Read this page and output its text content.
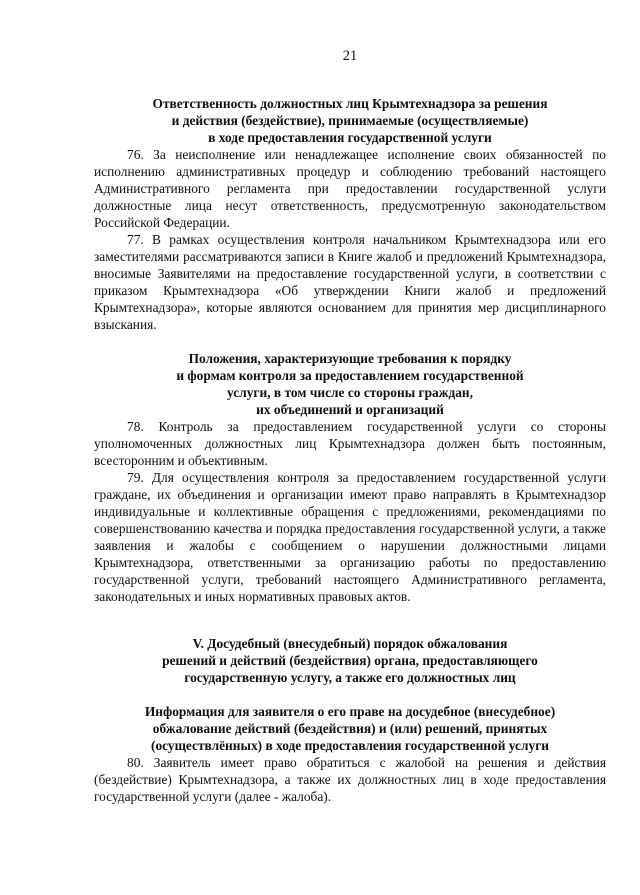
21
Ответственность должностных лиц Крымтехнадзора за решения
и действия (бездействие), принимаемые (осуществляемые)
в ходе предоставления государственной услуги

76. За неисполнение или ненадлежащее исполнение своих обязанностей по исполнению административных процедур и соблюдению требований настоящего Административного регламента при предоставлении государственной услуги должностные лица несут ответственность, предусмотренную законодательством Российской Федерации.

77. В рамках осуществления контроля начальником Крымтехнадзора или его заместителями рассматриваются записи в Книге жалоб и предложений Крымтехнадзора, вносимые Заявителями на предоставление государственной услуги, в соответствии с приказом Крымтехнадзора «Об утверждении Книги жалоб и предложений Крымтехнадзора», которые являются основанием для принятия мер дисциплинарного взыскания.

Положения, характеризующие требования к порядку
и формам контроля за предоставлением государственной
услуги, в том числе со стороны граждан,
их объединений и организаций

78. Контроль за предоставлением государственной услуги со стороны уполномоченных должностных лиц Крымтехнадзора должен быть постоянным, всесторонним и объективным.

79. Для осуществления контроля за предоставлением государственной услуги граждане, их объединения и организации имеют право направлять в Крымтехнадзор индивидуальные и коллективные обращения с предложениями, рекомендациями по совершенствованию качества и порядка предоставления государственной услуги, а также заявления и жалобы с сообщением о нарушении должностными лицами Крымтехнадзора, ответственными за организацию работы по предоставлению государственной услуги, требований настоящего Административного регламента, законодательных и иных нормативных правовых актов.

V. Досудебный (внесудебный) порядок обжалования
решений и действий (бездействия) органа, предоставляющего
государственную услугу, а также его должностных лиц
Информация для заявителя о его праве на досудебное (внесудебное)
обжалование действий (бездействия) и (или) решений, принятых
(осуществлённых) в ходе предоставления государственной услуги

80. Заявитель имеет право обратиться с жалобой на решения и действия (бездействие) Крымтехнадзора, а также их должностных лиц в ходе предоставления государственной услуги (далее - жалоба).
